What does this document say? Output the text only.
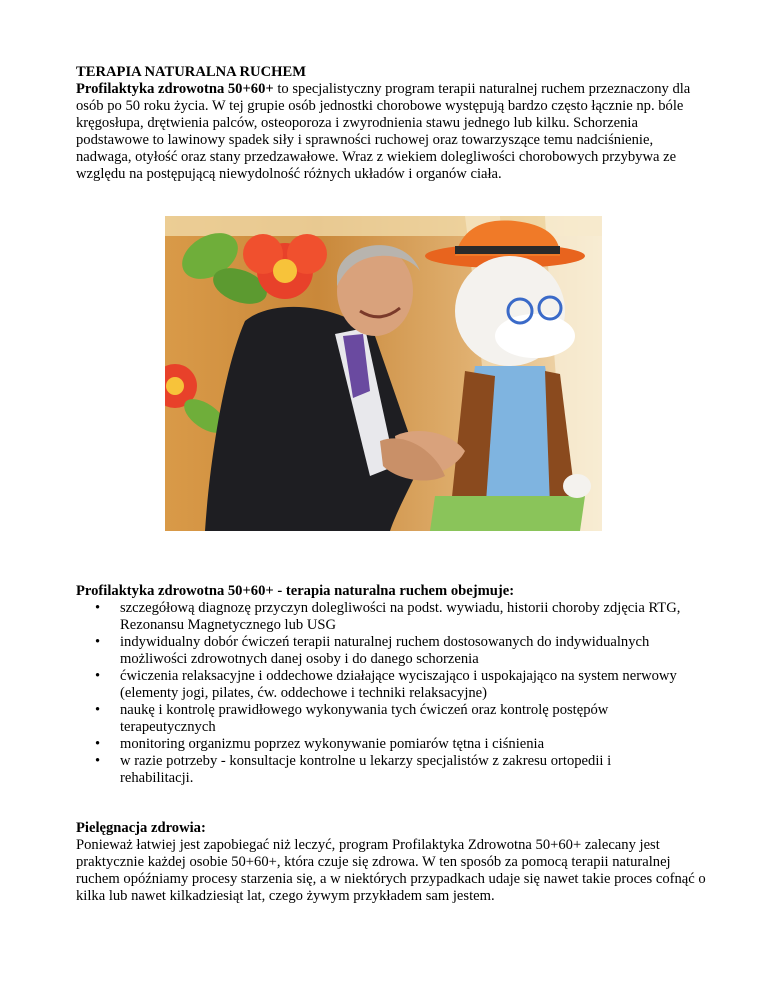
TERAPIA NATURALNA RUCHEM

Profilaktyka zdrowotna 50+60+ to specjalistyczny program terapii naturalnej ruchem przeznaczony dla osób po 50 roku życia. W tej grupie osób jednostki chorobowe występują bardzo często łącznie np. bóle kręgosłupa, drętwienia palców, osteoporoza i zwyrodnienia stawu jednego lub kilku. Schorzenia podstawowe to lawinowy spadek siły i sprawności ruchowej oraz towarzyszące temu nadciśnienie, nadwaga, otyłość oraz stany przedzawałowe. Wraz z wiekiem dolegliwości chorobowych przybywa ze względu na postępującą niewydolność różnych układów i organów ciała.

Profilaktyka zdrowotna 50+60+ - terapia naturalna ruchem obejmuje:

• szczegółową diagnozę przyczyn dolegliwości na podst. wywiadu, historii choroby zdjęcia RTG, Rezonansu Magnetycznego lub USG
• indywidualny dobór ćwiczeń terapii naturalnej ruchem dostosowanych do indywidualnych możliwości zdrowotnych danej osoby i do danego schorzenia
• ćwiczenia relaksacyjne i oddechowe działające wyciszająco i uspokajająco na system nerwowy (elementy jogi, pilates, ćw. oddechowe i techniki relaksacyjne)
• naukę i kontrolę prawidłowego wykonywania tych ćwiczeń oraz kontrolę postępów terapeutycznych
• monitoring organizmu poprzez wykonywanie pomiarów tętna i ciśnienia
• w razie potrzeby - konsultacje kontrolne u lekarzy specjalistów z zakresu ortopedii i rehabilitacji.

Pielęgnacja zdrowia:

Ponieważ łatwiej jest zapobiegać niż leczyć, program Profilaktyka Zdrowotna 50+60+ zalecany jest praktycznie każdej osobie 50+60+, która czuje się zdrowa. W ten sposób za pomocą terapii naturalnej ruchem opóźniamy procesy starzenia się, a w niektórych przypadkach udaje się nawet takie proces cofnąć o kilka lub nawet kilkadziesiąt lat, czego żywym przykładem sam jestem.
